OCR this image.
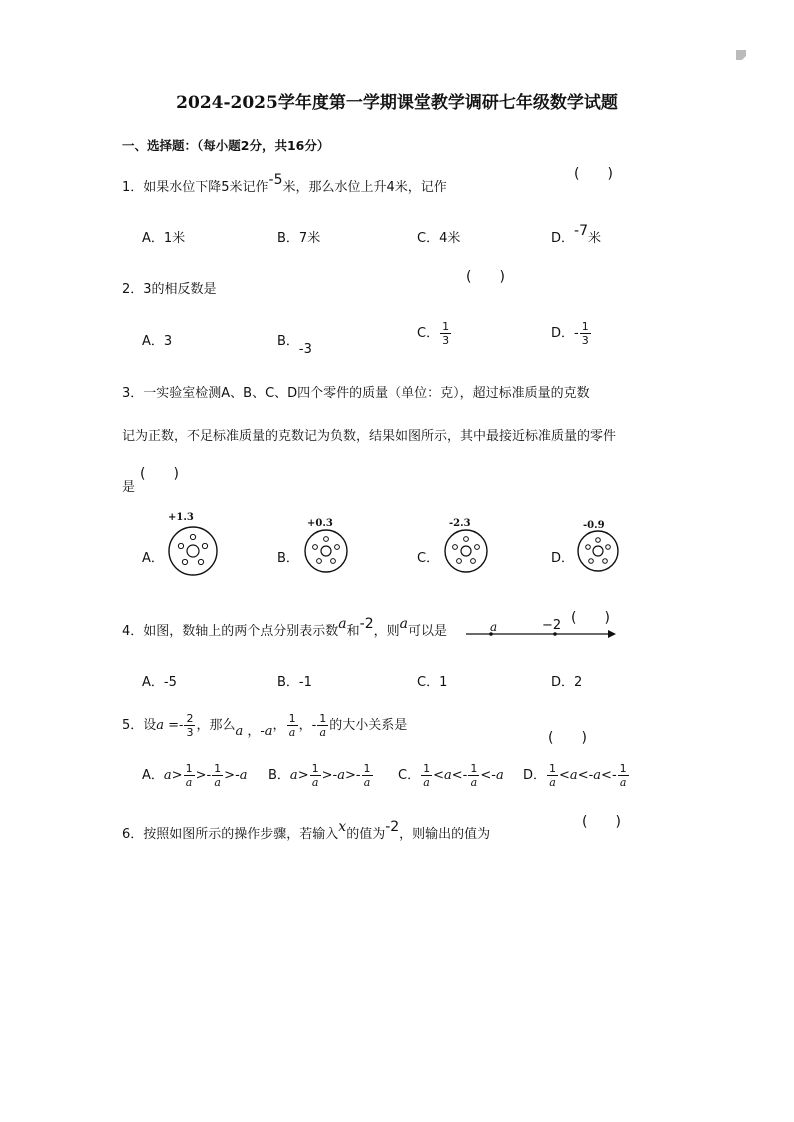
2024-2025学年度第一学期课堂教学调研七年级数学试题
一、选择题：（每小题2分，共16分）
1．如果水位下降5米记作-5米，那么水位上升4米，记作
(　　)
A．1米	B．7米	C．4米	D．-7米
2．3的相反数是
(　　)
A．3	B．-3
C． $\frac{1}{3}$	D．- $\frac{1}{3}$
3．一实验室检测A、B、C、D四个零件的质量（单位：克），超过标准质量的克数
记为正数，不足标准质量的克数记为负数，结果如图所示，其中最接近标准质量的零件
是
(　　)
A．	B．	C．	D．
+1.3
+0.3	-2.3	-0.9
4．如图，数轴上的两个点分别表示数a和-2，则a可以是	a	−2 (　　)
A．-5	B．-1	C．1	D．2
5．设$a =- \frac{2}{3}$ ，那么a ，-a， $\frac{1}{a}$ ，- $\frac{1}{a}$ 的大小关系是
(　　)
A．$a> \frac{1}{a} >- \frac{1}{a} >-a$ B．$a> \frac{1}{a} >-a>- \frac{1}{a}$ C． $\frac{1}{a} <a<- \frac{1}{a} <-a$ D． $\frac{1}{a} <a<-a<- \frac{1}{a}$
6．按照如图所示的操作步骤，若输入x的值为-2，则输出的值为
(　　)
